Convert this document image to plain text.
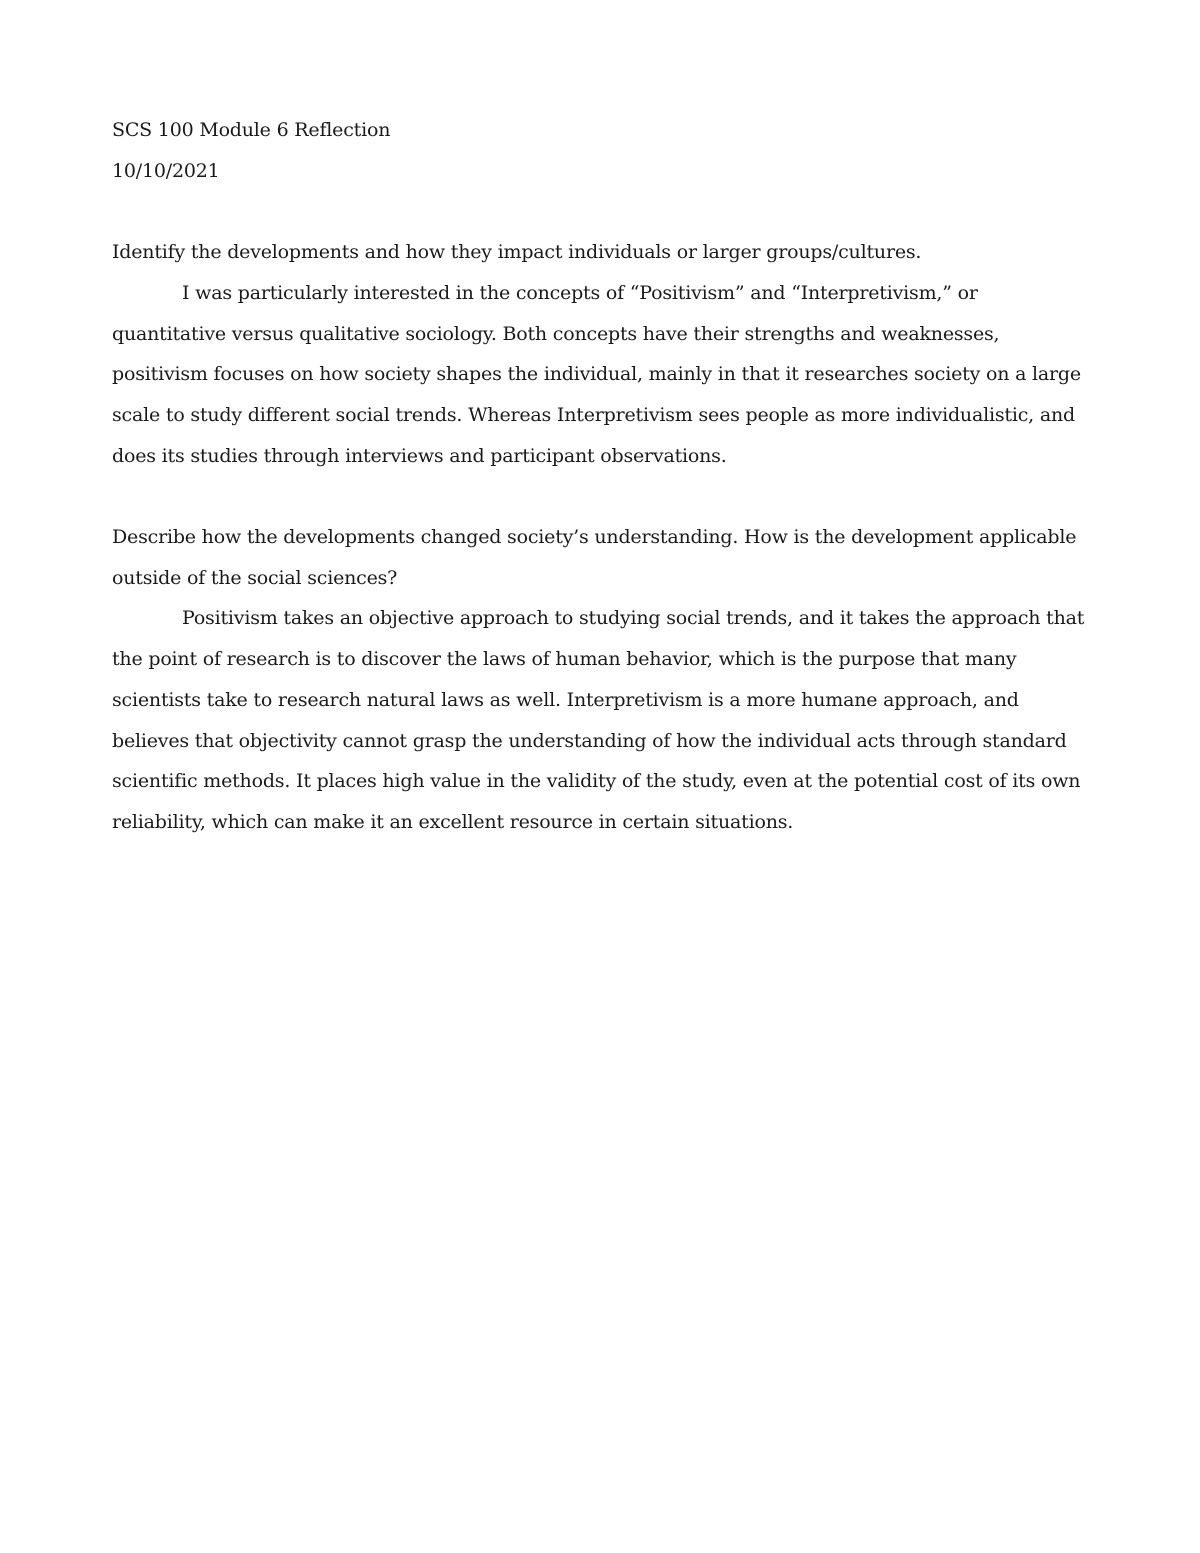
SCS 100 Module 6 Reflection

10/10/2021

Identify the developments and how they impact individuals or larger groups/cultures.

I was particularly interested in the concepts of “Positivism” and “Interpretivism,” or quantitative versus qualitative sociology. Both concepts have their strengths and weaknesses, positivism focuses on how society shapes the individual, mainly in that it researches society on a large scale to study different social trends. Whereas Interpretivism sees people as more individualistic, and does its studies through interviews and participant observations.

Describe how the developments changed society’s understanding. How is the development applicable outside of the social sciences?

Positivism takes an objective approach to studying social trends, and it takes the approach that the point of research is to discover the laws of human behavior, which is the purpose that many scientists take to research natural laws as well. Interpretivism is a more humane approach, and believes that objectivity cannot grasp the understanding of how the individual acts through standard scientific methods. It places high value in the validity of the study, even at the potential cost of its own reliability, which can make it an excellent resource in certain situations.
